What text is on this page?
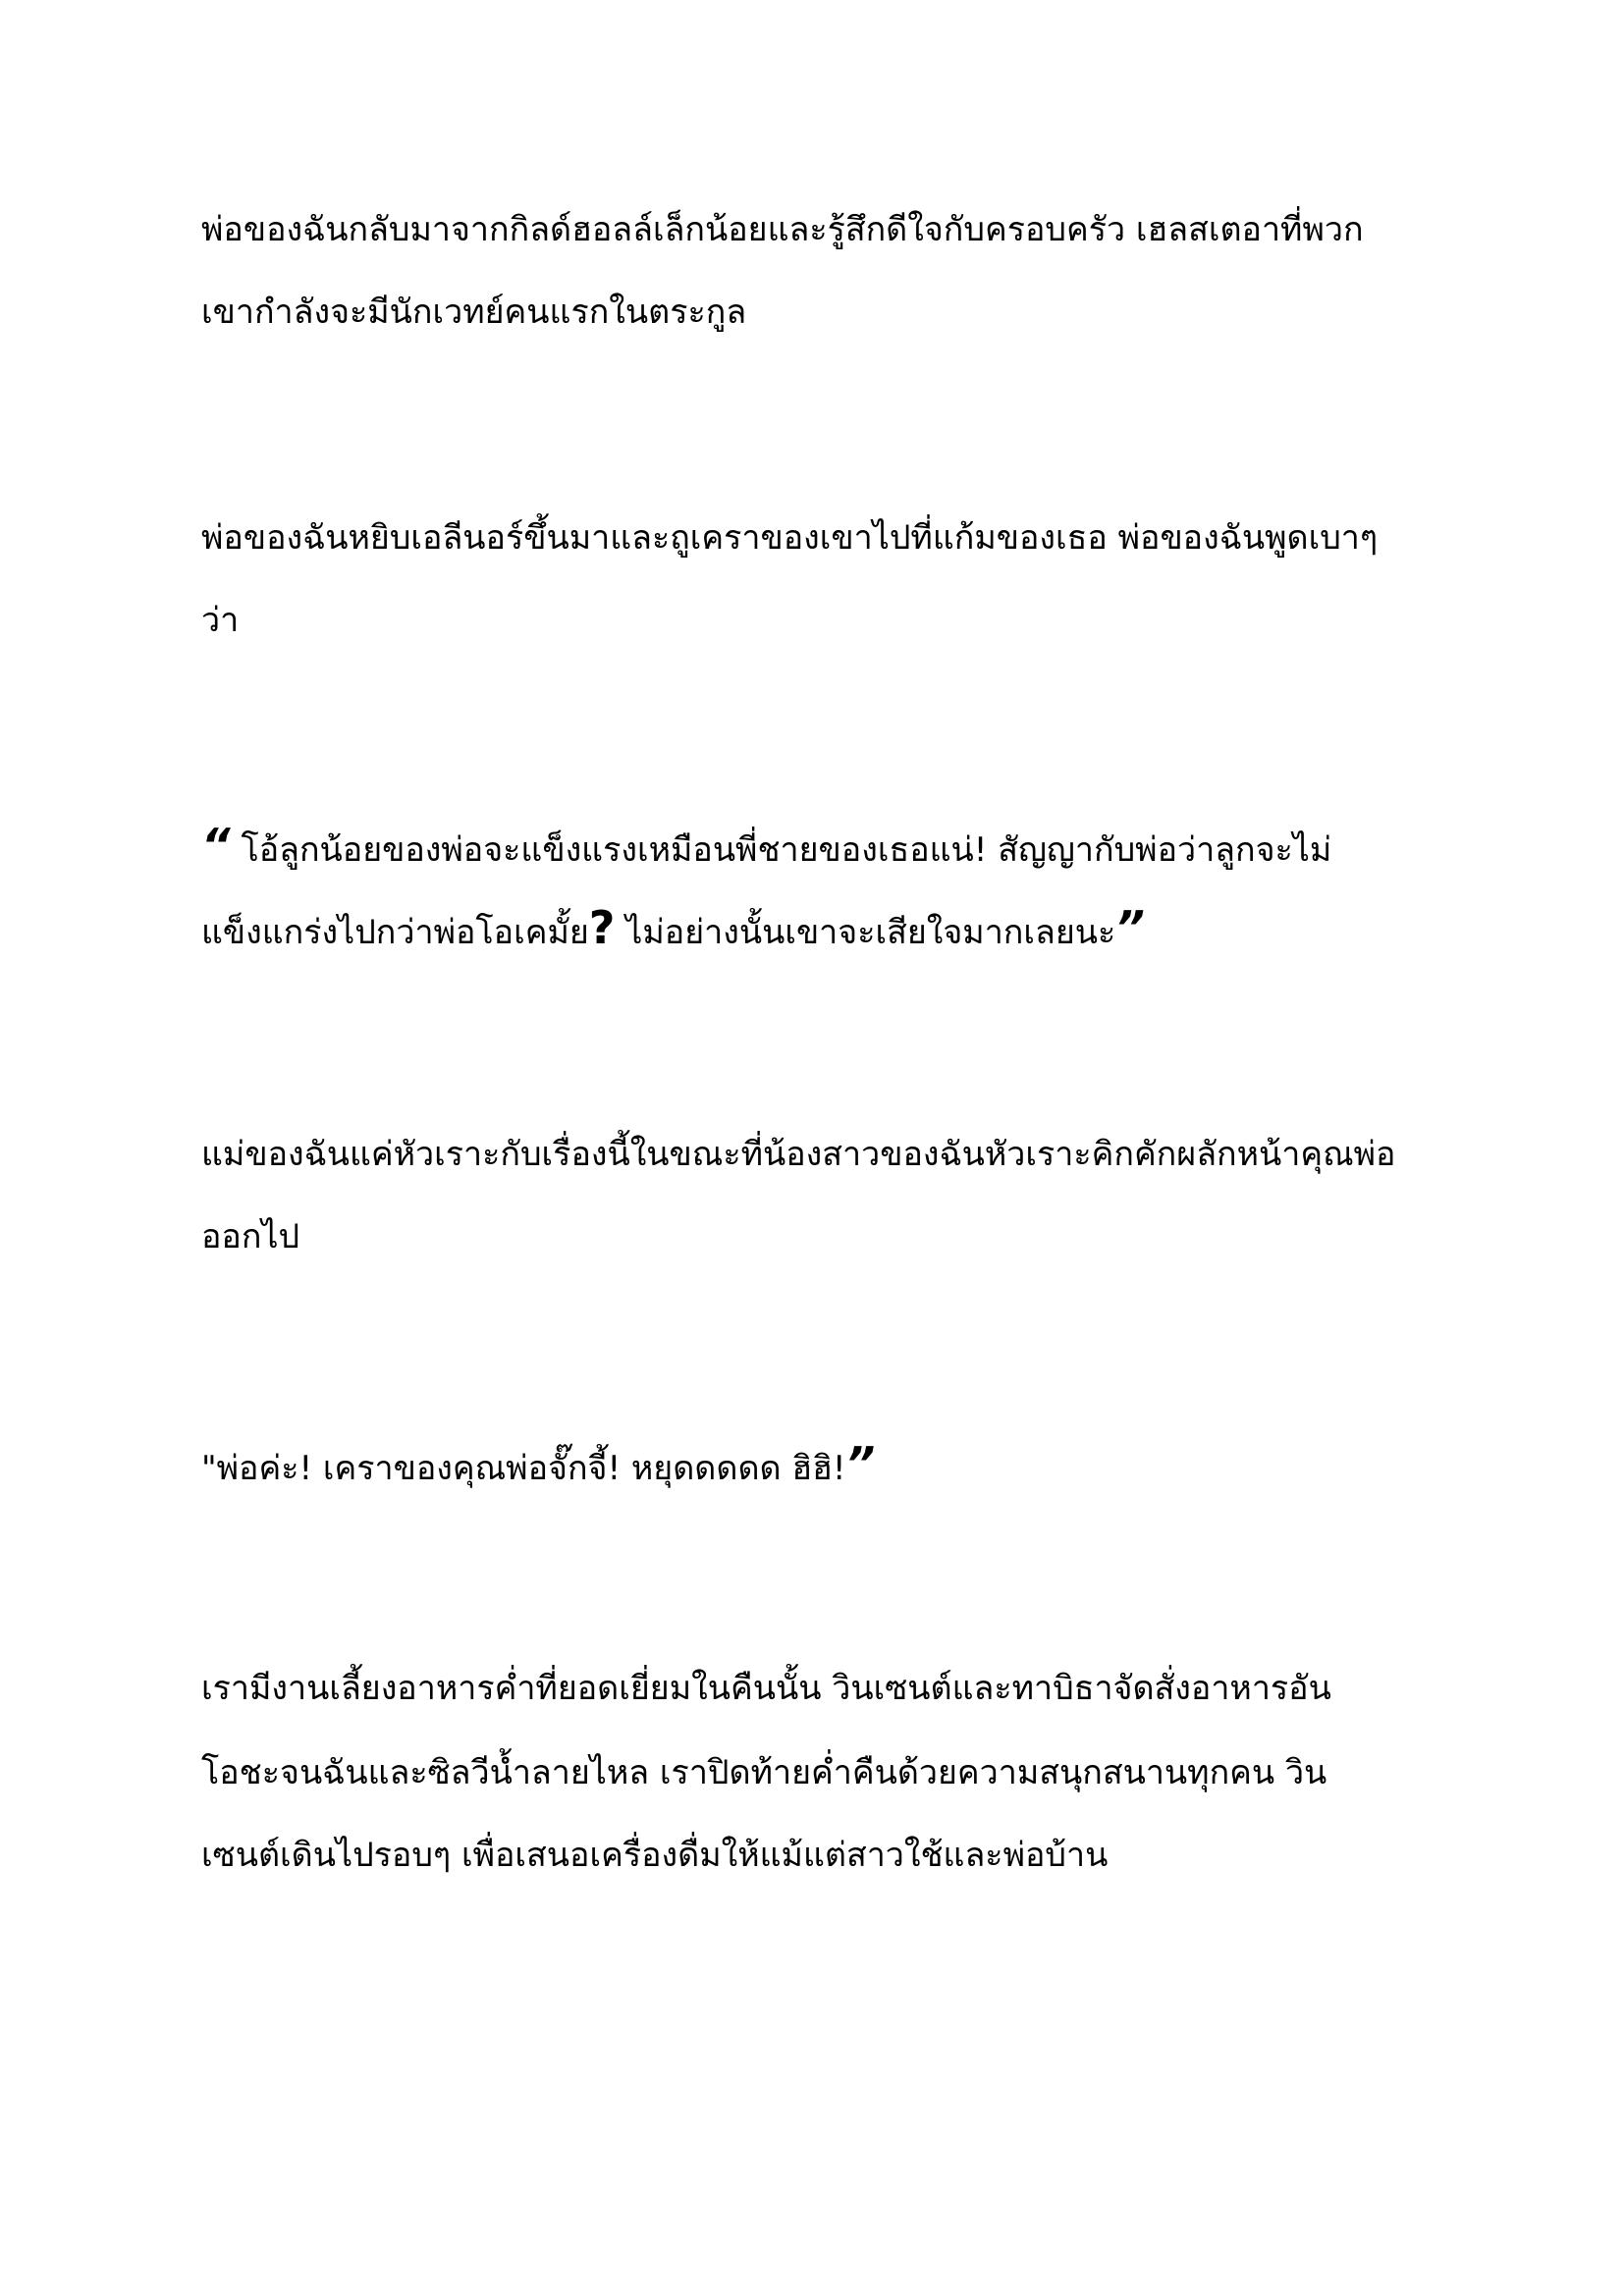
พ่อของฉันกลับมาจากกิลด์ฮอลล์เล็กน้อยและรู้สึกดีใจกับครอบครัว เฮลสเตอาที่พวก

เขากำลังจะมีนักเวทย์คนแรกในตระกูล

พ่อของฉันหยิบเอลีนอร์ขึ้นมาและถูเคราของเขาไปที่แก้มของเธอ พ่อของฉันพูดเบาๆ

ว่า

“ โอ้ลูกน้อยของพ่อจะแข็งแรงเหมือนพี่ชายของเธอแน่! สัญญากับพ่อว่าลูกจะไม่

แข็งแกร่งไปกว่าพ่อโอเคมั้ย? ไม่อย่างนั้นเขาจะเสียใจมากเลยนะ”

แม่ของฉันแค่หัวเราะกับเรื่องนี้ในขณะที่น้องสาวของฉันหัวเราะคิกคักผลักหน้าคุณพ่อ

ออกไป

"พ่อค่ะ! เคราของคุณพ่อจั๊กจี้! หยุดดดดด ฮิฮิ!”

เรามีงานเลี้ยงอาหารค่ำที่ยอดเยี่ยมในคืนนั้น วินเซนต์และทาบิธาจัดสั่งอาหารอัน

โอชะจนฉันและซิลวีน้ำลายไหล เราปิดท้ายค่ำคืนด้วยความสนุกสนานทุกคน วิน

เซนต์เดินไปรอบๆ เพื่อเสนอเครื่องดื่มให้แม้แต่สาวใช้และพ่อบ้าน
